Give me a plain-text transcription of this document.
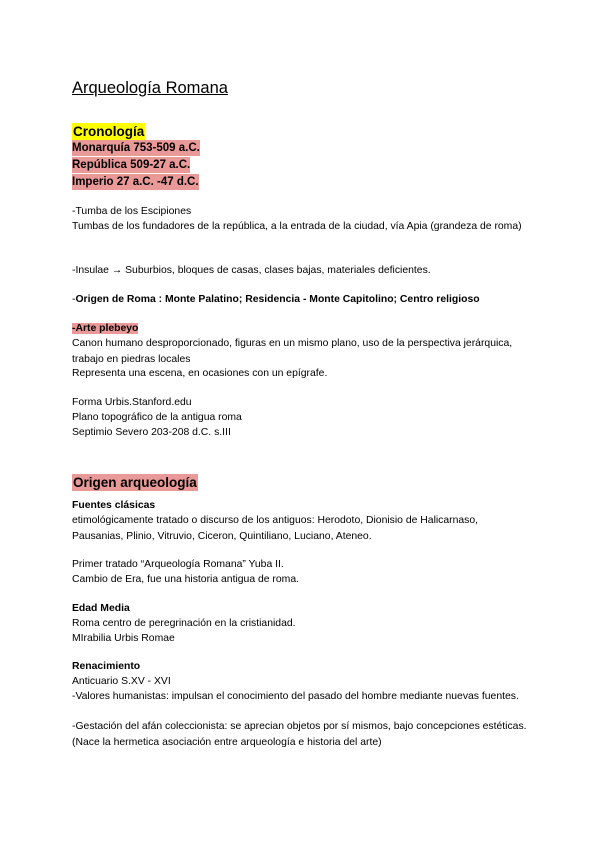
Arqueología Romana
Cronología
Monarquía 753-509 a.C.
República 509-27 a.C.
Imperio 27 a.C. -47 d.C.
-Tumba de los Escipiones
Tumbas de los fundadores de la república, a la entrada de la ciudad, vía Apia (grandeza de roma)
-Insulae → Suburbios, bloques de casas, clases bajas, materiales deficientes.
-Origen de Roma : Monte Palatino; Residencia - Monte Capitolino; Centro religioso
-Arte plebeyo
Canon humano desproporcionado, figuras en un mismo plano, uso de la perspectiva jerárquica, trabajo en piedras locales
Representa una escena, en ocasiones con un epígrafe.
Forma Urbis.Stanford.edu
Plano topográfico de la antigua roma
Septimio Severo 203-208 d.C. s.III
Origen arqueología
Fuentes clásicas
etimológicamente tratado o discurso de los antiguos: Herodoto, Dionisio de Halicarnaso, Pausanias, Plinio, Vitruvio, Ciceron, Quintiliano, Luciano, Ateneo.
Primer tratado “Arqueología Romana” Yuba II.
Cambio de Era, fue una historia antigua de roma.
Edad Media
Roma centro de peregrinación en la cristianidad.
MIrabilia Urbis Romae
Renacimiento
Anticuario S.XV - XVI
-Valores humanistas: impulsan el conocimiento del pasado del hombre mediante nuevas fuentes.
-Gestación del afán coleccionista: se aprecian objetos por sí mismos, bajo concepciones estéticas. (Nace la hermetica asociación entre arqueología e historia del arte)
